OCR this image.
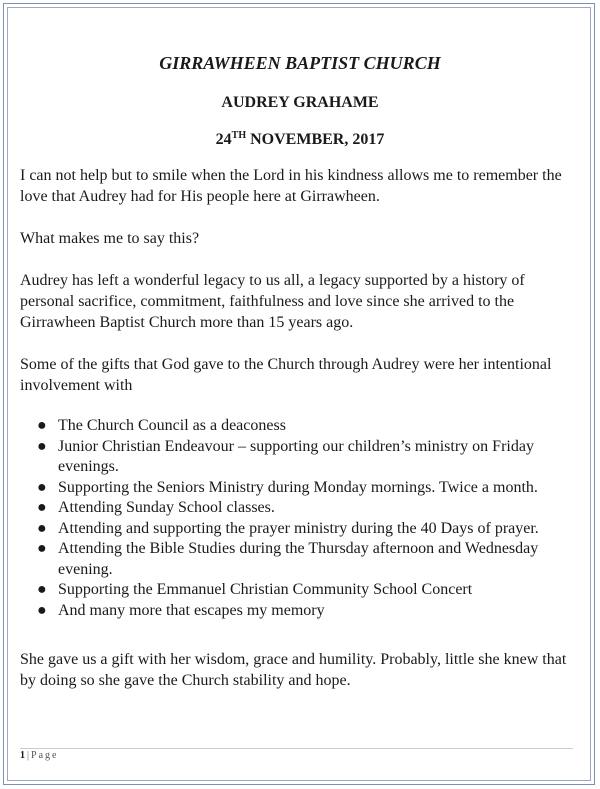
GIRRAWHEEN BAPTIST CHURCH
AUDREY GRAHAME
24TH NOVEMBER, 2017

I can not help but to smile when the Lord in his kindness allows me to remember the love that Audrey had for His people here at Girrawheen.

What makes me to say this?

Audrey has left a wonderful legacy to us all, a legacy supported by a history of personal sacrifice, commitment, faithfulness and love since she arrived to the Girrawheen Baptist Church more than 15 years ago.

Some of the gifts that God gave to the Church through Audrey were her intentional involvement with

● The Church Council as a deaconess
● Junior Christian Endeavour – supporting our children’s ministry on Friday evenings.
● Supporting the Seniors Ministry during Monday mornings. Twice a month.
● Attending Sunday School classes.
● Attending and supporting the prayer ministry during the 40 Days of prayer.
● Attending the Bible Studies during the Thursday afternoon and Wednesday evening.
● Supporting the Emmanuel Christian Community School Concert
● And many more that escapes my memory

She gave us a gift with her wisdom, grace and humility. Probably, little she knew that by doing so she gave the Church stability and hope.

1 | Page
